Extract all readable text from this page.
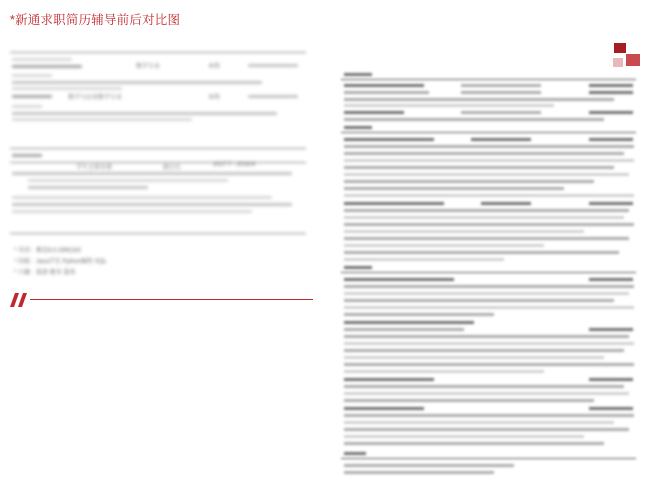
*新通求职简历辅导前后对比图
数学专业	本科
数学与应用数学专业	本科
学生会体育部	副会长	2017.7 - 2018.6
* 英语：雅思6.5 GRE320
* 技能：Java开发 Python编程 SQL
* 兴趣：旅游 健身 篮球
